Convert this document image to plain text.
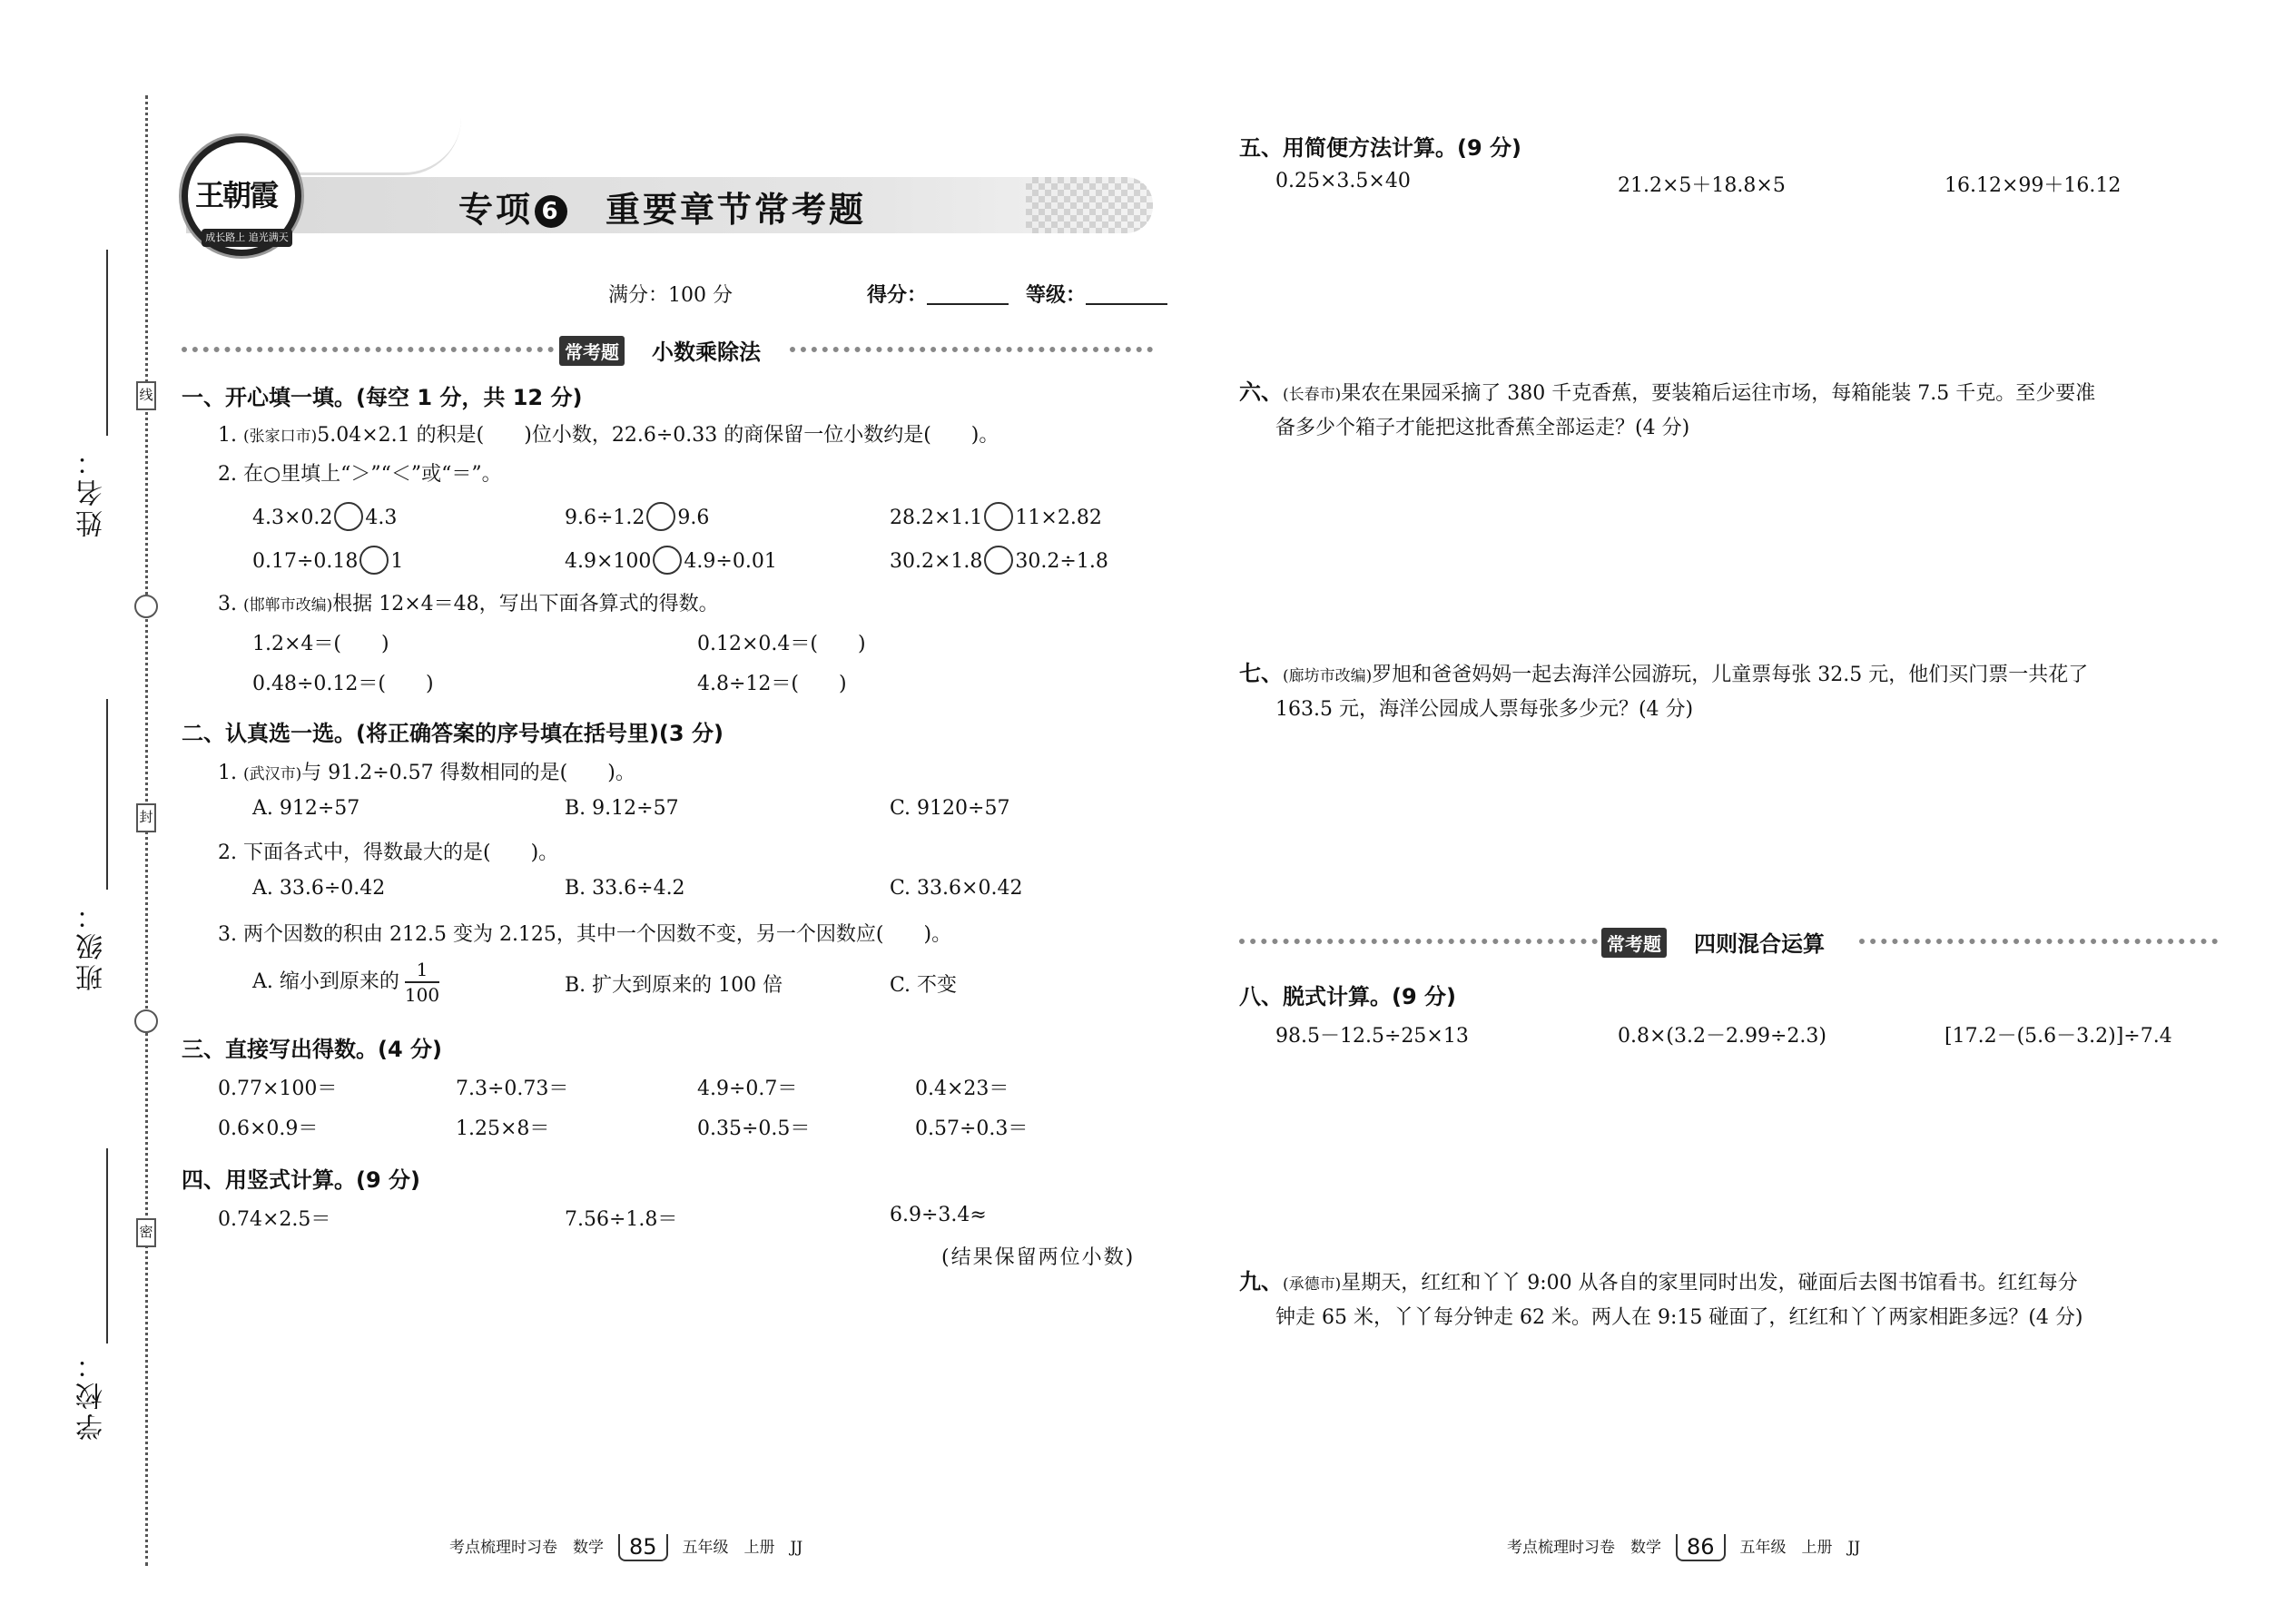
线
封
密
姓名：
班级：
学校：
王朝霞
成长路上 追光满天
专项 6 重要章节常考题
满分：100 分	得分：	等级：
常考题 小数乘除法
一、开心填一填。(每空 1 分，共 12 分)
1. (张家口市)5.04×2.1 的积是(　　)位小数，22.6÷0.33 的商保留一位小数约是(　　)。
2. 在○里填上“＞”“＜”或“＝”。
4.3×0.2 4.3	9.6÷1.2 9.6	28.2×1.1 11×2.82
0.17÷0.18 1	4.9×100 4.9÷0.01	30.2×1.8 30.2÷1.8
3. (邯郸市改编)根据 12×4＝48，写出下面各算式的得数。
1.2×4＝(　　)	0.12×0.4＝(　　)
0.48÷0.12＝(　　)	4.8÷12＝(　　)
二、认真选一选。(将正确答案的序号填在括号里)(3 分)
1. (武汉市)与 91.2÷0.57 得数相同的是(　　)。
A. 912÷57	B. 9.12÷57	C. 9120÷57
2. 下面各式中，得数最大的是(　　)。
A. 33.6÷0.42	B. 33.6÷4.2	C. 33.6×0.42
3. 两个因数的积由 212.5 变为 2.125，其中一个因数不变，另一个因数应(　　)。
A. 缩小到原来的 $\frac{1}{100}$	B. 扩大到原来的 100 倍	C. 不变
三、直接写出得数。(4 分)
0.77×100＝	7.3÷0.73＝	4.9÷0.7＝	0.4×23＝
0.6×0.9＝	1.25×8＝	0.35÷0.5＝	0.57÷0.3＝
四、用竖式计算。(9 分)
0.74×2.5＝	7.56÷1.8＝	6.9÷3.4≈
(结果保留两位小数)
五、用简便方法计算。(9 分)
0.25×3.5×40	21.2×5＋18.8×5	16.12×99＋16.12
六、(长春市)果农在果园采摘了 380 千克香蕉，要装箱后运往市场，每箱能装 7.5 千克。至少要准
备多少个箱子才能把这批香蕉全部运走？(4 分)
七、(廊坊市改编)罗旭和爸爸妈妈一起去海洋公园游玩，儿童票每张 32.5 元，他们买门票一共花了
163.5 元，海洋公园成人票每张多少元？(4 分)
常考题 四则混合运算
八、脱式计算。(9 分)
98.5－12.5÷25×13	0.8×(3.2－2.99÷2.3)	[17.2－(5.6－3.2)]÷7.4
九、(承德市)星期天，红红和丫丫 9:00 从各自的家里同时出发，碰面后去图书馆看书。红红每分
钟走 65 米，丫丫每分钟走 62 米。两人在 9:15 碰面了，红红和丫丫两家相距多远？(4 分)
考点梳理时习卷　数学 85 五年级　上册　JJ	考点梳理时习卷　数学 86 五年级　上册　JJ
